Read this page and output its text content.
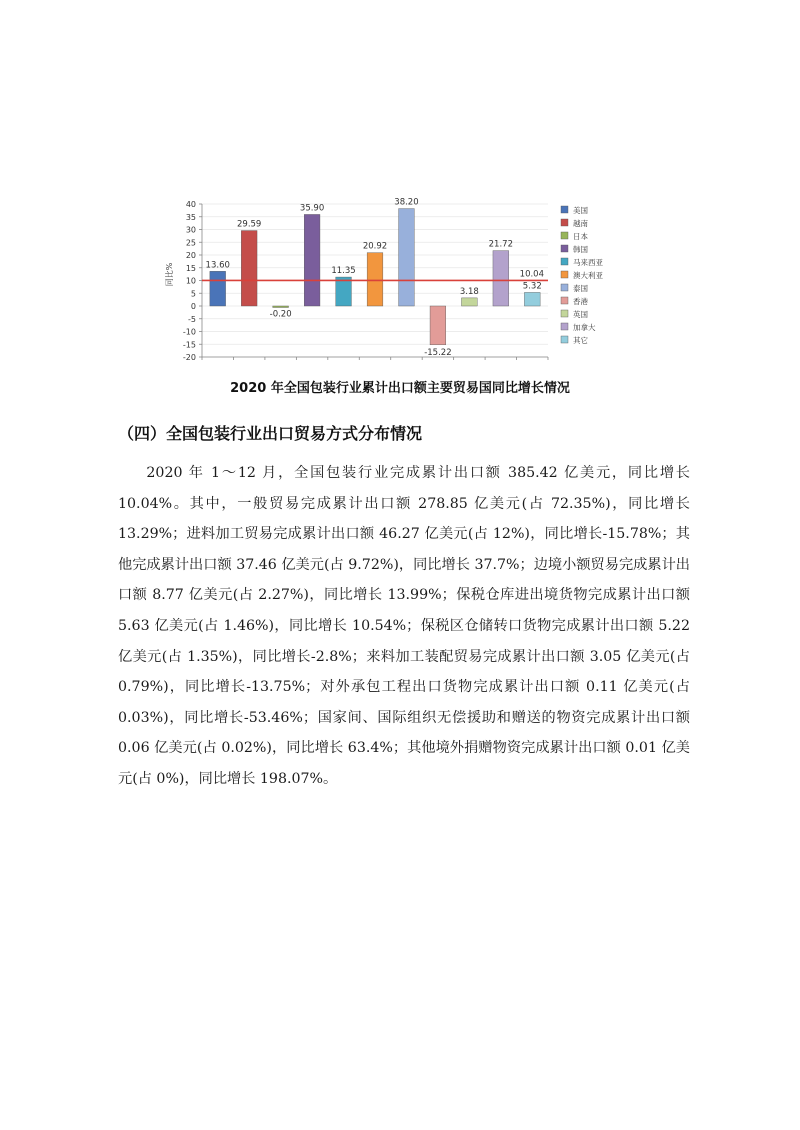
40
35
30
25
20
15
10
5
0
-5
-10
-15
-20
同比%	13.60
29.59
-0.20
35.90
11.35
20.92
38.20
-15.22
3.18
21.72
5.32
10.04
美国
越南
日本
韩国
马来西亚
澳大利亚
泰国
香港
英国
加拿大
其它
2020 年全国包装行业累计出口额主要贸易国同比增长情况
（四）全国包装行业出口贸易方式分布情况

2020 年 1～12 月，全国包装行业完成累计出口额 385.42 亿美元，同比增长 10.04%。其中，一般贸易完成累计出口额 278.85 亿美元(占 72.35%)，同比增长 13.29%；进料加工贸易完成累计出口额 46.27 亿美元(占 12%)，同比增长-15.78%；其他完成累计出口额 37.46 亿美元(占 9.72%)，同比增长 37.7%；边境小额贸易完成累计出口额 8.77 亿美元(占 2.27%)，同比增长 13.99%；保税仓库进出境货物完成累计出口额 5.63 亿美元(占 1.46%)，同比增长 10.54%；保税区仓储转口货物完成累计出口额 5.22 亿美元(占 1.35%)，同比增长-2.8%；来料加工装配贸易完成累计出口额 3.05 亿美元(占 0.79%)，同比增长-13.75%；对外承包工程出口货物完成累计出口额 0.11 亿美元(占 0.03%)，同比增长-53.46%；国家间、国际组织无偿援助和赠送的物资完成累计出口额 0.06 亿美元(占 0.02%)，同比增长 63.4%；其他境外捐赠物资完成累计出口额 0.01 亿美元(占 0%)，同比增长 198.07%。
